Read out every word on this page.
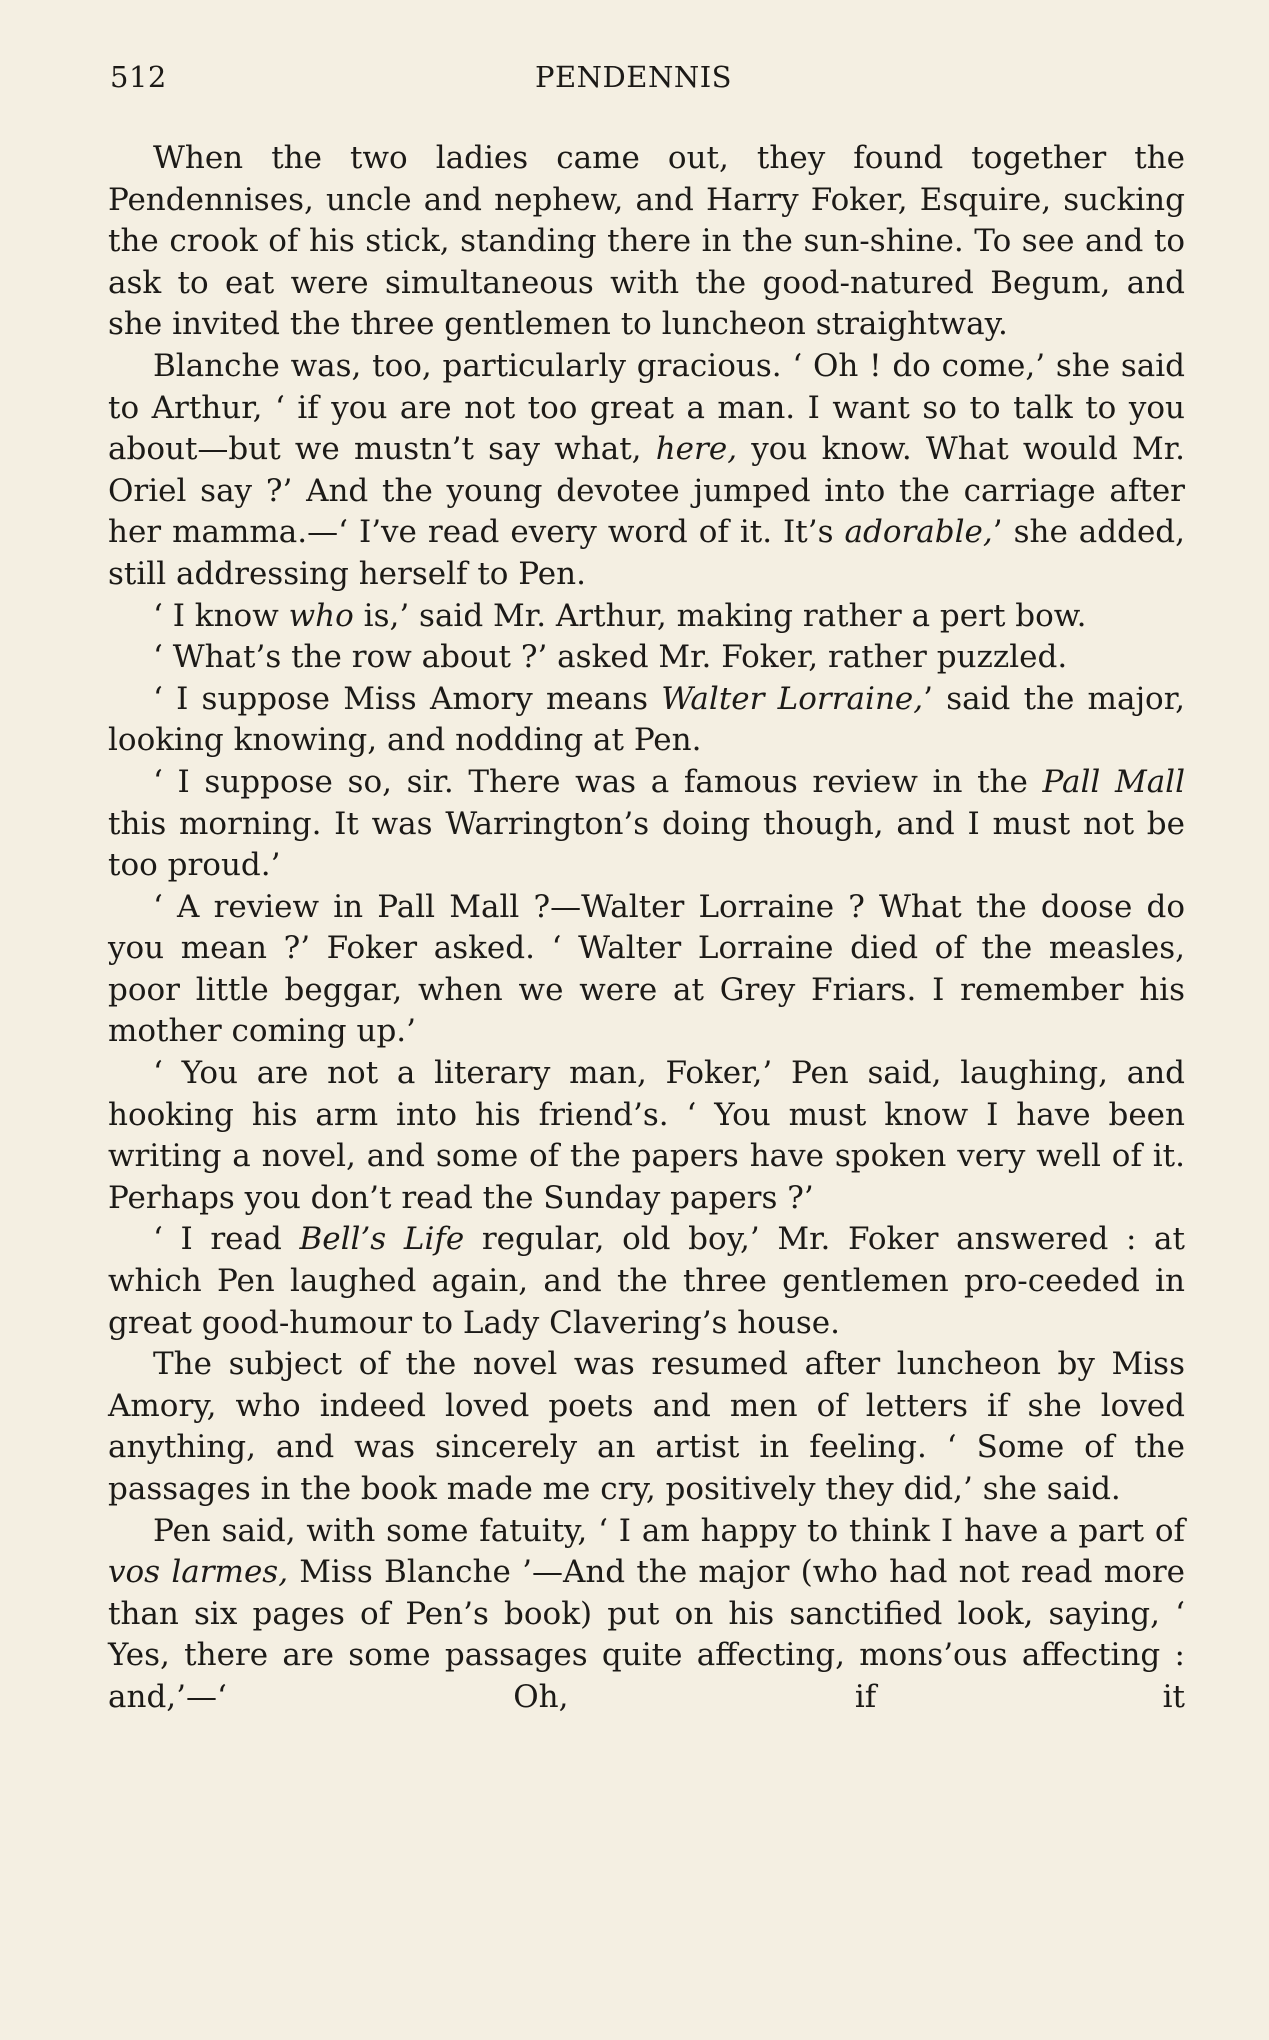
512	PENDENNIS

When the two ladies came out, they found together the Pendennises, uncle and nephew, and Harry Foker, Esquire, sucking the crook of his stick, standing there in the sun-shine. To see and to ask to eat were simultaneous with the good-natured Begum, and she invited the three gentlemen to luncheon straightway.

Blanche was, too, particularly gracious. ‘ Oh ! do come,’ she said to Arthur, ‘ if you are not too great a man. I want so to talk to you about—but we mustn’t say what, here, you know. What would Mr. Oriel say ?’ And the young devotee jumped into the carriage after her mamma.—‘ I’ve read every word of it. It’s adorable,’ she added, still addressing herself to Pen.

‘ I know who is,’ said Mr. Arthur, making rather a pert bow.

‘ What’s the row about ?’ asked Mr. Foker, rather puzzled.

‘ I suppose Miss Amory means Walter Lorraine,’ said the major, looking knowing, and nodding at Pen.

‘ I suppose so, sir. There was a famous review in the Pall Mall this morning. It was Warrington’s doing though, and I must not be too proud.’

‘ A review in Pall Mall ?—Walter Lorraine ? What the doose do you mean ?’ Foker asked. ‘ Walter Lorraine died of the measles, poor little beggar, when we were at Grey Friars. I remember his mother coming up.’

‘ You are not a literary man, Foker,’ Pen said, laughing, and hooking his arm into his friend’s. ‘ You must know I have been writing a novel, and some of the papers have spoken very well of it. Perhaps you don’t read the Sunday papers ?’

‘ I read Bell’s Life regular, old boy,’ Mr. Foker answered : at which Pen laughed again, and the three gentlemen pro-ceeded in great good-humour to Lady Clavering’s house.

The subject of the novel was resumed after luncheon by Miss Amory, who indeed loved poets and men of letters if she loved anything, and was sincerely an artist in feeling. ‘ Some of the passages in the book made me cry, positively they did,’ she said.

Pen said, with some fatuity, ‘ I am happy to think I have a part of vos larmes, Miss Blanche ’—And the major (who had not read more than six pages of Pen’s book) put on his sanctified look, saying, ‘ Yes, there are some passages quite affecting, mons’ous affecting : and,’—‘ Oh, if it
